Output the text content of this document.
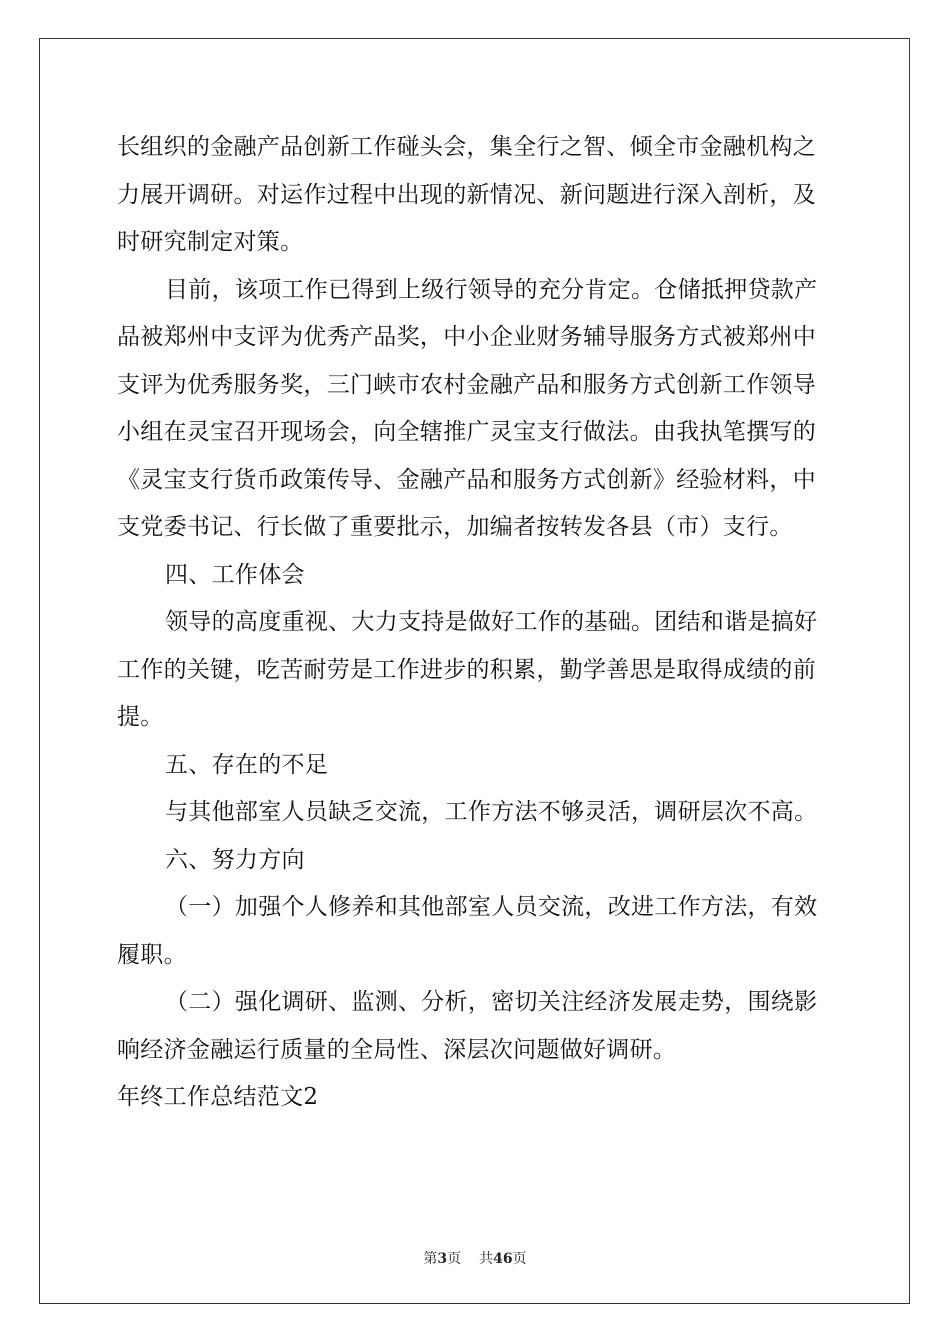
长组织的金融产品创新工作碰头会，集全行之智、倾全市金融机构之
力展开调研。对运作过程中出现的新情况、新问题进行深入剖析，及
时研究制定对策。
目前，该项工作已得到上级行领导的充分肯定。仓储抵押贷款产
品被郑州中支评为优秀产品奖，中小企业财务辅导服务方式被郑州中
支评为优秀服务奖，三门峡市农村金融产品和服务方式创新工作领导
小组在灵宝召开现场会，向全辖推广灵宝支行做法。由我执笔撰写的
《灵宝支行货币政策传导、金融产品和服务方式创新》经验材料，中
支党委书记、行长做了重要批示，加编者按转发各县（市）支行。
四、工作体会
领导的高度重视、大力支持是做好工作的基础。团结和谐是搞好
工作的关键，吃苦耐劳是工作进步的积累，勤学善思是取得成绩的前
提。
五、存在的不足
与其他部室人员缺乏交流，工作方法不够灵活，调研层次不高。
六、努力方向
（一）加强个人修养和其他部室人员交流，改进工作方法，有效
履职。
（二）强化调研、监测、分析，密切关注经济发展走势，围绕影
响经济金融运行质量的全局性、深层次问题做好调研。
年终工作总结范文2
第3页 共46页
